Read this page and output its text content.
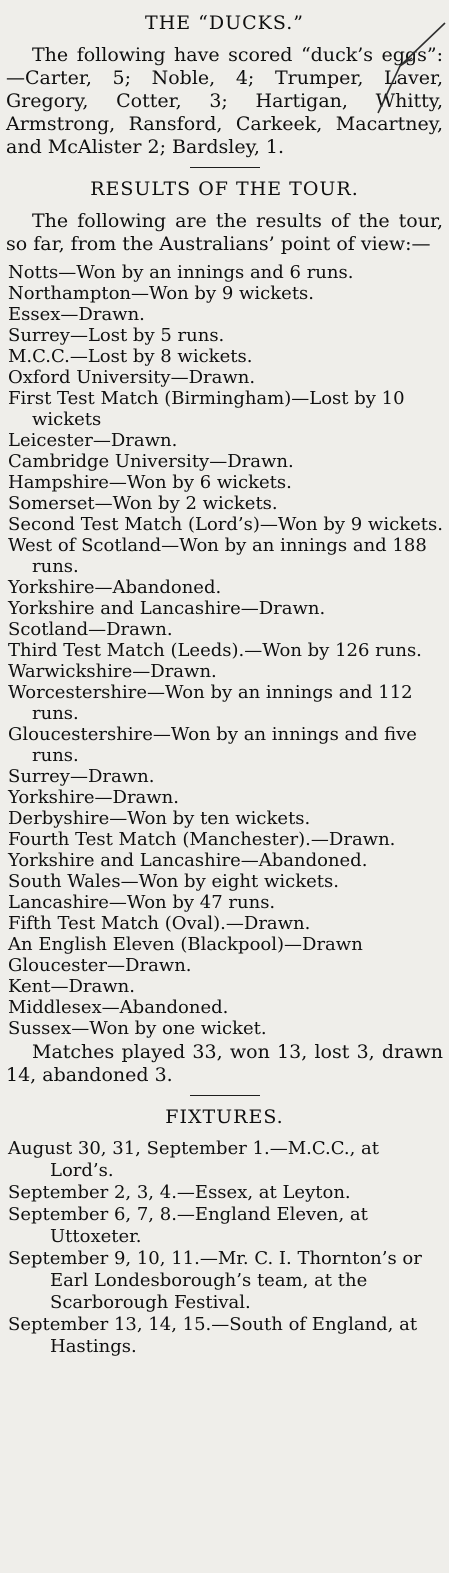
THE “DUCKS.”

The following have scored “duck’s eggs”:—Carter, 5; Noble, 4; Trumper, Laver, Gregory, Cotter, 3; Hartigan, Whitty, Armstrong, Ransford, Carkeek, Macartney, and McAlister 2; Bardsley, 1.

RESULTS OF THE TOUR.

The following are the results of the tour, so far, from the Australians’ point of view:—

Notts—Won by an innings and 6 runs.
Northampton—Won by 9 wickets.
Essex—Drawn.
Surrey—Lost by 5 runs.
M.C.C.—Lost by 8 wickets.
Oxford University—Drawn.
First Test Match (Birmingham)—Lost by 10 wickets
Leicester—Drawn.
Cambridge University—Drawn.
Hampshire—Won by 6 wickets.
Somerset—Won by 2 wickets.
Second Test Match (Lord’s)—Won by 9 wickets.
West of Scotland—Won by an innings and 188 runs.
Yorkshire—Abandoned.
Yorkshire and Lancashire—Drawn.
Scotland—Drawn.
Third Test Match (Leeds).—Won by 126 runs.
Warwickshire—Drawn.
Worcestershire—Won by an innings and 112 runs.
Gloucestershire—Won by an innings and five runs.
Surrey—Drawn.
Yorkshire—Drawn.
Derbyshire—Won by ten wickets.
Fourth Test Match (Manchester).—Drawn.
Yorkshire and Lancashire—Abandoned.
South Wales—Won by eight wickets.
Lancashire—Won by 47 runs.
Fifth Test Match (Oval).—Drawn.
An English Eleven (Blackpool)—Drawn
Gloucester—Drawn.
Kent—Drawn.
Middlesex—Abandoned.
Sussex—Won by one wicket.

Matches played 33, won 13, lost 3, drawn 14, abandoned 3.

FIXTURES.
August 30, 31, September 1.—M.C.C., at Lord’s.
September 2, 3, 4.—Essex, at Leyton.
September 6, 7, 8.—England Eleven, at Uttoxeter.
September 9, 10, 11.—Mr. C. I. Thornton’s or Earl Londesborough’s team, at the Scarborough Festival.
September 13, 14, 15.—South of England, at Hastings.
